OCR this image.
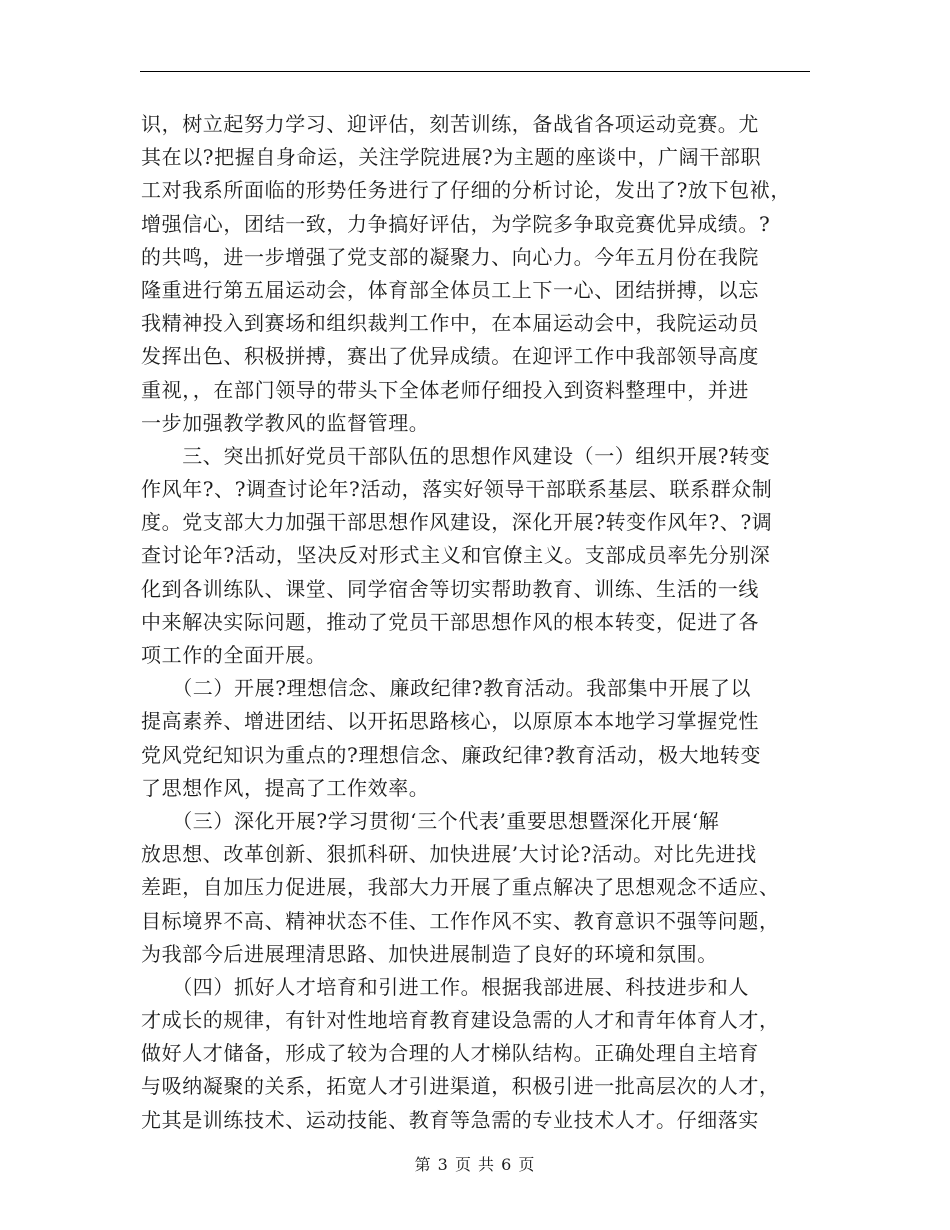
识，树立起努力学习、迎评估，刻苦训练，备战省各项运动竞赛。尤
其在以?把握自身命运，关注学院进展?为主题的座谈中，广阔干部职
工对我系所面临的形势任务进行了仔细的分析讨论，发出了?放下包袱，
增强信心，团结一致，力争搞好评估，为学院多争取竞赛优异成绩。?
的共鸣，进一步增强了党支部的凝聚力、向心力。今年五月份在我院
隆重进行第五届运动会，体育部全体员工上下一心、团结拼搏，以忘
我精神投入到赛场和组织裁判工作中，在本届运动会中，我院运动员
发挥出色、积极拼搏，赛出了优异成绩。在迎评工作中我部领导高度
重视，，在部门领导的带头下全体老师仔细投入到资料整理中，并进
一步加强教学教风的监督管理。
　　三、突出抓好党员干部队伍的思想作风建设（一）组织开展?转变
作风年?、?调查讨论年?活动，落实好领导干部联系基层、联系群众制
度。党支部大力加强干部思想作风建设，深化开展?转变作风年?、?调
查讨论年?活动，坚决反对形式主义和官僚主义。支部成员率先分别深
化到各训练队、课堂、同学宿舍等切实帮助教育、训练、生活的一线
中来解决实际问题，推动了党员干部思想作风的根本转变，促进了各
项工作的全面开展。
　　（二）开展?理想信念、廉政纪律?教育活动。我部集中开展了以
提高素养、增进团结、以开拓思路核心，以原原本本地学习掌握党性
党风党纪知识为重点的?理想信念、廉政纪律?教育活动，极大地转变
了思想作风，提高了工作效率。
　　（三）深化开展?学习贯彻‘三个代表’重要思想暨深化开展‘解
放思想、改革创新、狠抓科研、加快进展’大讨论?活动。对比先进找
差距，自加压力促进展，我部大力开展了重点解决了思想观念不适应、
目标境界不高、精神状态不佳、工作作风不实、教育意识不强等问题，
为我部今后进展理清思路、加快进展制造了良好的环境和氛围。
　　（四）抓好人才培育和引进工作。根据我部进展、科技进步和人
才成长的规律，有针对性地培育教育建设急需的人才和青年体育人才，
做好人才储备，形成了较为合理的人才梯队结构。正确处理自主培育
与吸纳凝聚的关系，拓宽人才引进渠道，积极引进一批高层次的人才，
尤其是训练技术、运动技能、教育等急需的专业技术人才。仔细落实
第 3 页 共 6 页
